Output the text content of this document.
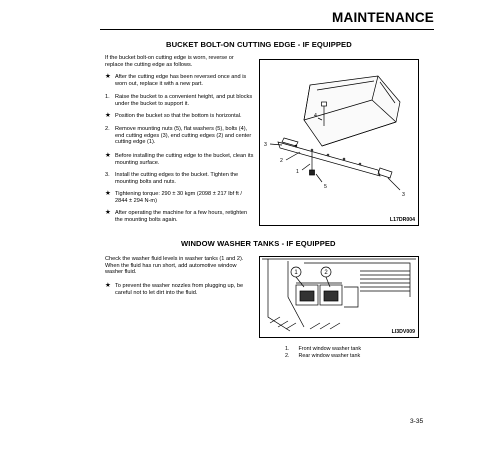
MAINTENANCE
BUCKET BOLT-ON CUTTING EDGE - IF EQUIPPED
If the bucket bolt-on cutting edge is worn, reverse or replace the cutting edge as follows.
★ After the cutting edge has been reversed once and is worn out, replace it with a new part.
1. Raise the bucket to a convenient height, and put blocks under the bucket to support it.
★ Position the bucket so that the bottom is horizontal.
2. Remove mounting nuts (5), flat washers (5), bolts (4), end cutting edges (3), end cutting edges (2) and center cutting edge (1).
★ Before installing the cutting edge to the bucket, clean its mounting surface.
3. Install the cutting edges to the bucket. Tighten the mounting bolts and nuts.
★ Tightening torque: 290 ± 30 kgm (2098 ± 217 lbf ft / 2844 ± 294 N-m)
★ After operating the machine for a few hours, retighten the mounting bolts again.
3
2
1
5
4
3
L17DR004
WINDOW WASHER TANKS - IF EQUIPPED
Check the washer fluid levels in washer tanks (1 and 2). When the fluid has run short, add automotive window washer fluid.
★ To prevent the washer nozzles from plugging up, be careful not to let dirt into the fluid.
1	2
LI3DV009
1. Front window washer tank
2. Rear window washer tank
3-35
